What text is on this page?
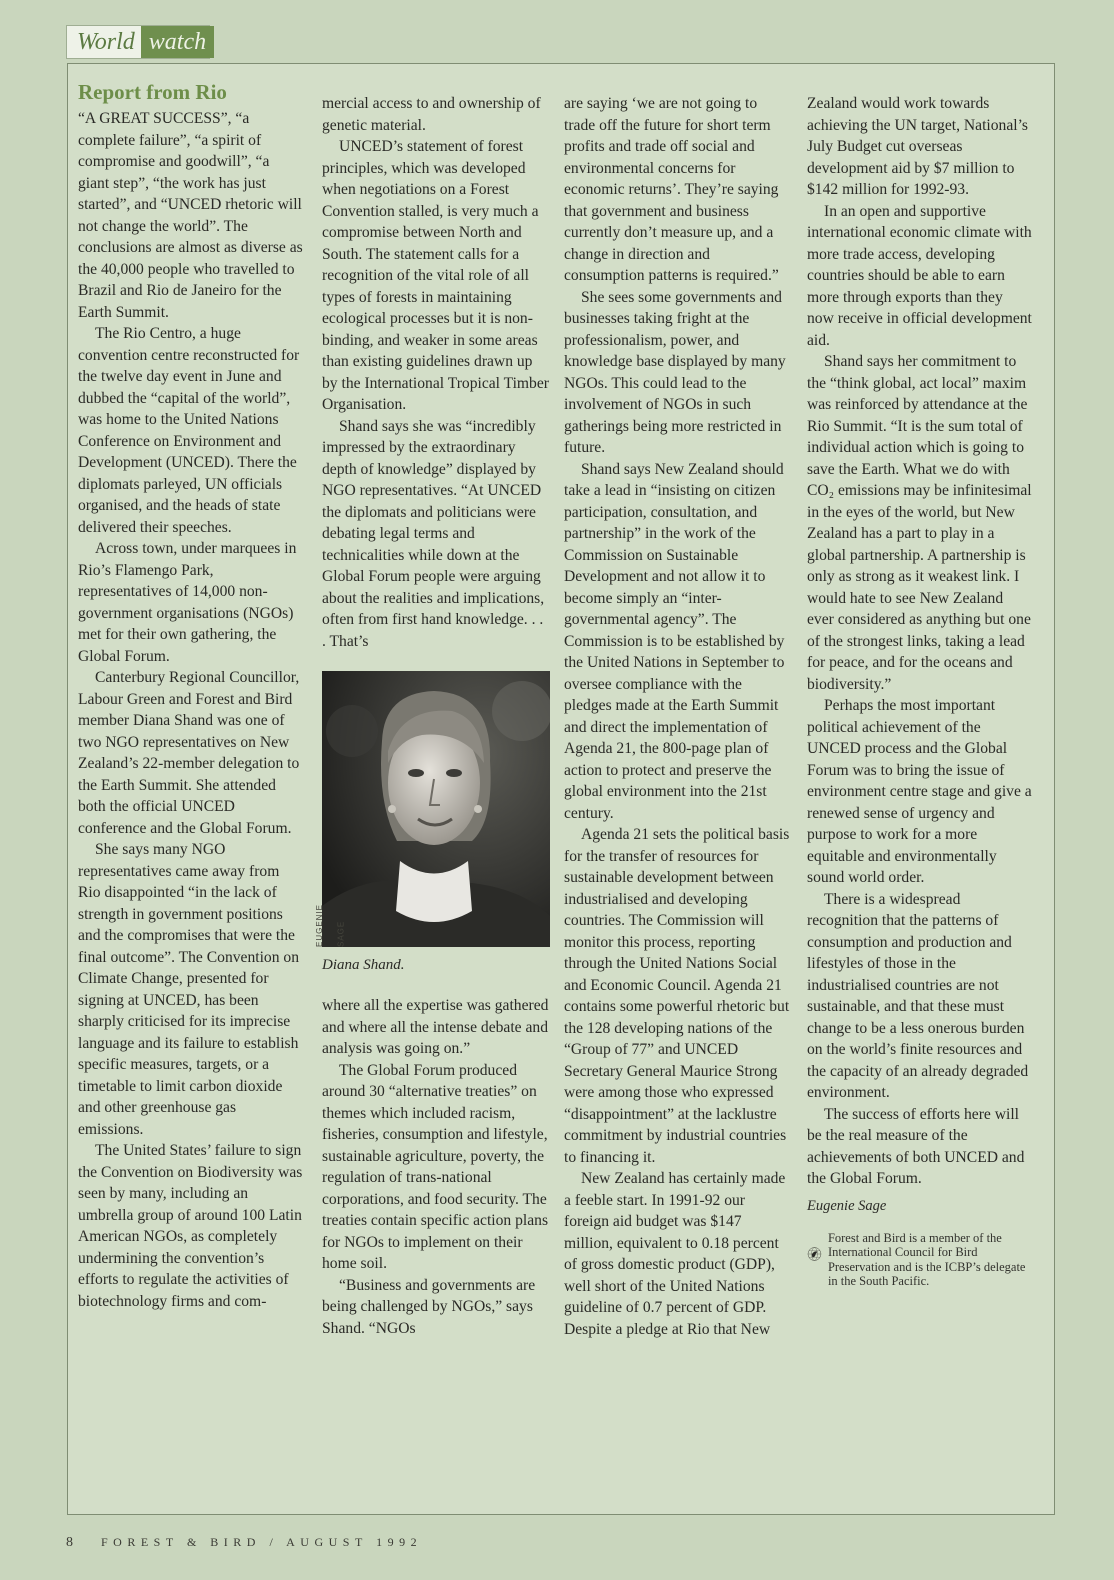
World watch
Report from Rio

“A GREAT SUCCESS”, “a complete failure”, “a spirit of compromise and goodwill”, “a giant step”, “the work has just started”, and “UNCED rhetoric will not change the world”. The conclusions are almost as diverse as the 40,000 people who travelled to Brazil and Rio de Janeiro for the Earth Summit.

The Rio Centro, a huge convention centre reconstructed for the twelve day event in June and dubbed the “capital of the world”, was home to the United Nations Conference on Environment and Development (UNCED). There the diplomats parleyed, UN officials organised, and the heads of state delivered their speeches.

Across town, under marquees in Rio’s Flamengo Park, representatives of 14,000 non-government organisations (NGOs) met for their own gathering, the Global Forum.

Canterbury Regional Councillor, Labour Green and Forest and Bird member Diana Shand was one of two NGO representatives on New Zealand’s 22-member delegation to the Earth Summit. She attended both the official UNCED conference and the Global Forum.

She says many NGO representatives came away from Rio disappointed “in the lack of strength in government positions and the compromises that were the final outcome”. The Convention on Climate Change, presented for signing at UNCED, has been sharply criticised for its imprecise language and its failure to establish specific measures, targets, or a timetable to limit carbon dioxide and other greenhouse gas emissions.

The United States’ failure to sign the Convention on Biodiversity was seen by many, including an umbrella group of around 100 Latin American NGOs, as completely undermining the convention’s efforts to regulate the activities of biotechnology firms and com-

mercial access to and ownership of genetic material.

UNCED’s statement of forest principles, which was developed when negotiations on a Forest Convention stalled, is very much a compromise between North and South. The statement calls for a recognition of the vital role of all types of forests in maintaining ecological processes but it is non-binding, and weaker in some areas than existing guidelines drawn up by the International Tropical Timber Organisation.

Shand says she was “incredibly impressed by the extraordinary depth of knowledge” displayed by NGO representatives. “At UNCED the diplomats and politicians were debating legal terms and technicalities while down at the Global Forum people were arguing about the realities and implications, often from first hand knowledge. . . . That’s

EUGENIE SAGE
Diana Shand.

where all the expertise was gathered and where all the intense debate and analysis was going on.”

The Global Forum produced around 30 “alternative treaties” on themes which included racism, fisheries, consumption and lifestyle, sustainable agriculture, poverty, the regulation of trans-national corporations, and food security. The treaties contain specific action plans for NGOs to implement on their home soil.

“Business and governments are being challenged by NGOs,” says Shand. “NGOs

are saying ‘we are not going to trade off the future for short term profits and trade off social and environmental concerns for economic returns’. They’re saying that government and business currently don’t measure up, and a change in direction and consumption patterns is required.”

She sees some governments and businesses taking fright at the professionalism, power, and knowledge base displayed by many NGOs. This could lead to the involvement of NGOs in such gatherings being more restricted in future.

Shand says New Zealand should take a lead in “insisting on citizen participation, consultation, and partnership” in the work of the Commission on Sustainable Development and not allow it to become simply an “inter-governmental agency”. The Commission is to be established by the United Nations in September to oversee compliance with the pledges made at the Earth Summit and direct the implementation of Agenda 21, the 800-page plan of action to protect and preserve the global environment into the 21st century.

Agenda 21 sets the political basis for the transfer of resources for sustainable development between industrialised and developing countries. The Commission will monitor this process, reporting through the United Nations Social and Economic Council. Agenda 21 contains some powerful rhetoric but the 128 developing nations of the “Group of 77” and UNCED Secretary General Maurice Strong were among those who expressed “disappointment” at the lacklustre commitment by industrial countries to financing it.

New Zealand has certainly made a feeble start. In 1991-92 our foreign aid budget was $147 million, equivalent to 0.18 percent of gross domestic product (GDP), well short of the United Nations guideline of 0.7 percent of GDP. Despite a pledge at Rio that New

Zealand would work towards achieving the UN target, National’s July Budget cut overseas development aid by $7 million to $142 million for 1992-93.

In an open and supportive international economic climate with more trade access, developing countries should be able to earn more through exports than they now receive in official development aid.

Shand says her commitment to the “think global, act local” maxim was reinforced by attendance at the Rio Summit. “It is the sum total of individual action which is going to save the Earth. What we do with CO₂ emissions may be infinitesimal in the eyes of the world, but New Zealand has a part to play in a global partnership. A partnership is only as strong as it weakest link. I would hate to see New Zealand ever considered as anything but one of the strongest links, taking a lead for peace, and for the oceans and biodiversity.”

Perhaps the most important political achievement of the UNCED process and the Global Forum was to bring the issue of environment centre stage and give a renewed sense of urgency and purpose to work for a more equitable and environmentally sound world order.

There is a widespread recognition that the patterns of consumption and production and lifestyles of those in the industrialised countries are not sustainable, and that these must change to be a less onerous burden on the world’s finite resources and the capacity of an already degraded environment.

The success of efforts here will be the real measure of the achievements of both UNCED and the Global Forum.

Eugenie Sage
Forest and Bird is a member of the International Council for Bird Preservation and is the ICBP’s delegate in the South Pacific.
8 FOREST & BIRD / AUGUST 1992
